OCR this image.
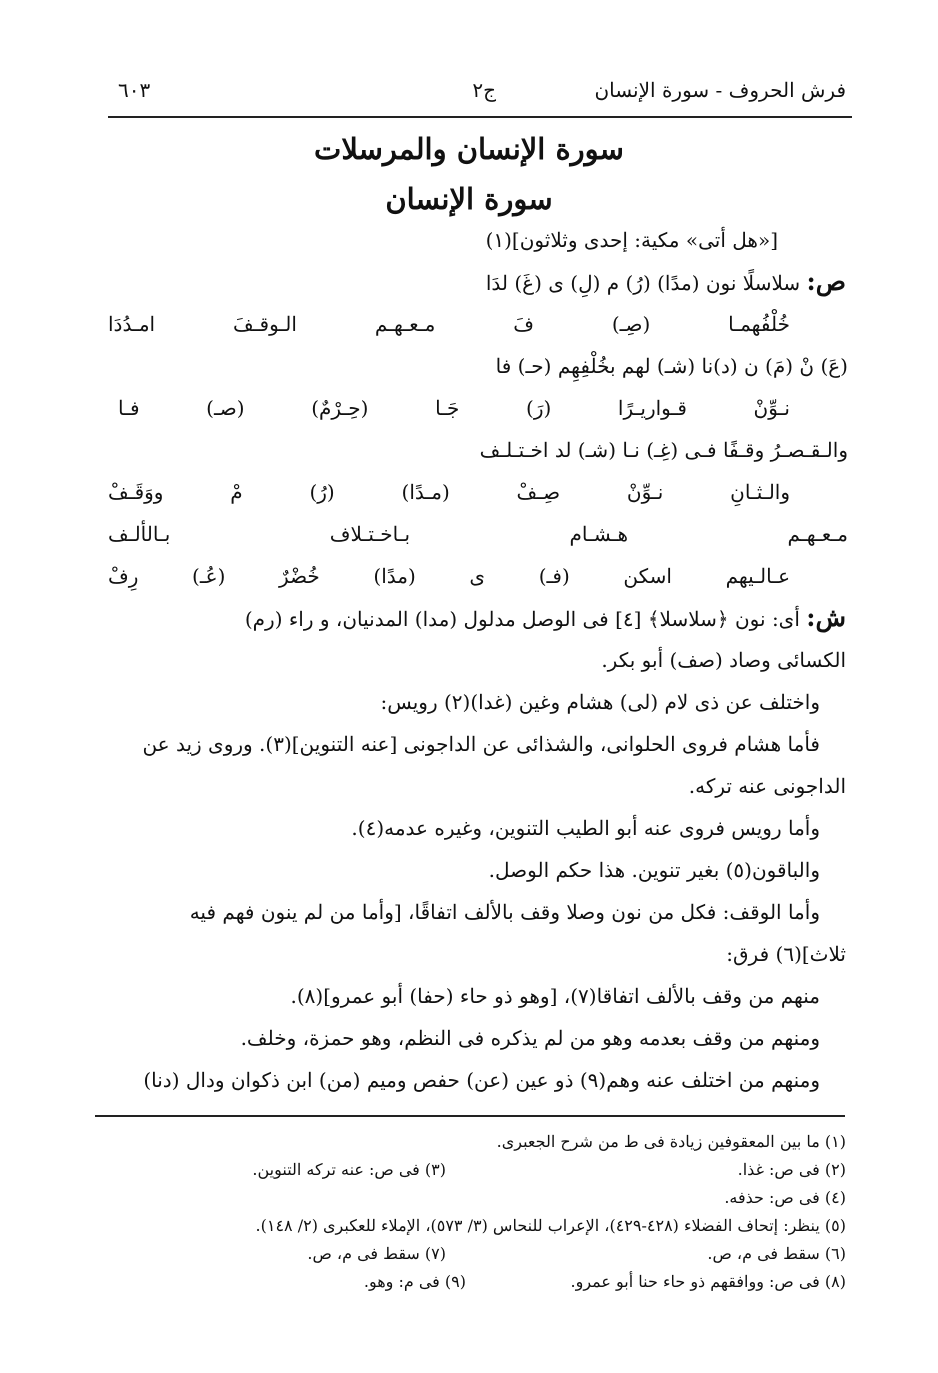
فرش الحروف - سورة الإنسان
ج٢
٦٠٣
سورة الإنسان والمرسلات
سورة الإنسان
[«هل أتى» مكية: إحدى وثلاثون](١)
ص: سلاسلًا نون (مدًا) (رُ) م (لِ) ى (غَ) لدَا
خُلْفُهمـا (صِـ) فَ مـعـهـم الـوقـفَ امـدُدَا
(عَ) نْ (مَ) ن (د)نا (شـ) لهم بخُلْفِهِم (حـ) فا
نـوِّنْ قـواريـرًا (رَ) جَـا (حِـرْمٌ) (صـ) فـا
والـقـصـرُ وقـفًا فـى (غِـ) نـا (شـ) لد اخـتـلـف
والـثـانِ نـوِّنْ صِـفْ (مـدًا) (رُ) مْ ووَقَـفْ
مـعـهـم هـشـام بـاخـتـلاف بـالألـف
عـالـيهم اسكن (فـ) ى (مدًا) خُضْرٌ (عُـ) رِفْ
ش: أى: نون ﴿سلاسلا﴾ [٤] فى الوصل مدلول (مدا) المدنيان، و راء (رم)
الكسائى وصاد (صف) أبو بكر.
واختلف عن ذى لام (لى) هشام وغين (غدا)(٢) رويس:
فأما هشام فروى الحلوانى، والشذائى عن الداجونى [عنه التنوين](٣). وروى زيد عن
الداجونى عنه تركه.
وأما رويس فروى عنه أبو الطيب التنوين، وغيره عدمه(٤).
والباقون(٥) بغير تنوين. هذا حكم الوصل.
وأما الوقف: فكل من نون وصلا وقف بالألف اتفاقًا، [وأما من لم ينون فهم فيه
ثلاث](٦) فرق:
منهم من وقف بالألف اتفاقا(٧)، [وهو ذو حاء (حفا) أبو عمرو](٨).
ومنهم من وقف بعدمه وهو من لم يذكره فى النظم، وهو حمزة، وخلف.
ومنهم من اختلف عنه وهم(٩) ذو عين (عن) حفص وميم (من) ابن ذكوان ودال (دنا)
(١) ما بين المعقوفين زيادة فى ط من شرح الجعبرى.
(٢) فى ص: غذا.
(٣) فى ص: عنه تركه التنوين.
(٤) فى ص: حذفه.
(٥) ينظر: إتحاف الفضلاء (٤٢٨-٤٢٩)، الإعراب للنحاس (٣/ ٥٧٣)، الإملاء للعكبرى (٢/ ١٤٨).
(٦) سقط فى م، ص.
(٧) سقط فى م، ص.
(٨) فى ص: ووافقهم ذو حاء حنا أبو عمرو.
(٩) فى م: وهو.
